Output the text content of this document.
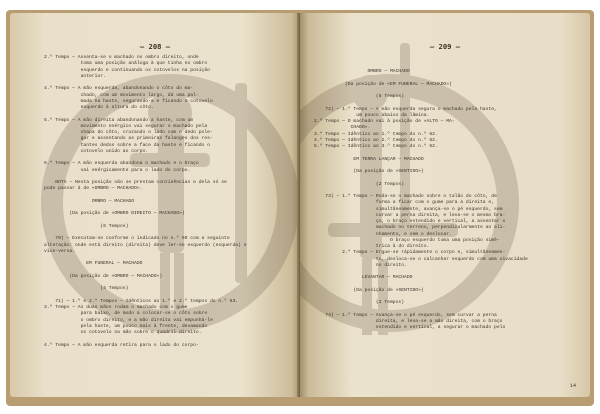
— 208 —
2.º Tempo — Assenta-se o machado no ombro direito, onde
toma uma posição análoga à que tinha no ombro
esquerdo e continuando os cotovelos na posição
anterior.

4.º Tempo — A mão esquerda, abandonando o côto do ma-
chado, com um movimento largo, dá uma pal-
mada na haste, segurando-a e ficando o cotovelo
esquerdo à altura do côto.

5.º Tempo — A mão direita abandonando a haste, com um
movimento enérgico vai segurar o machado pela
chapa do côto, cruzando o lado com o dedo pole-
gar e assentando as primeiras falanges dos res-
tantes dedos sobre a face da haste e ficando o
cotovelo unido ao corpo.

6.º Tempo — A mão esquerda abandona o machado e o braço
vai enérgicamente para o lado do corpo.

NOTA — Nesta posição não se prestam continências e dela só se
pode passar à de «OMBRO — MACHADO».

OMBRO — MACHADO

(Da posição de «OMBRO DIREITO — MACHADO»)

(6 Tempos)

70) — Executam-se conforme o indicado no n.º 69 com a seguinte
alteração: onde está direito (direita) deve ler-se esquerdo (esquerda) e
vice-versa.

EM FUNERAL — MACHADO

(Da posição de «OMBRO — MACHADO»)

(4 Tempos)

71) — 1.º e 2.º Tempos — Idênticos ao 1.º e 2.º tempos do n.º 63.
3.º Tempo — As duas mãos rodam o machado com o gume
para baixo, de modo a colocar-se o côto sobre
o ombro direito, e a mão direita vai empunhá-le
pela haste, um pouco mais à frente, desamando
os cotovelo na mão sobre o quadril direito.

4.º Tempo — A mão esquerda retira para o lado do corpo-
— 209 —
OMBRO — MACHADO

(Da posição de «EM FUNERAL — MACHADO»)

(5 Tempos)

72) — 1.º Tempo — A mão esquerda segura o machado pela haste,
um pouco abaixo da lâmina.
2.º Tempo — O machado vai à posição de «ALTO — MA-
CHADO».
3.º Tempo — Idêntico ao 1.º tempo do n.º 62.
4.º Tempo — Idêntico ao 2.º tempo do n.º 62.
5.º Tempo — Idêntico ao 3.º tempo do n.º 62.

EM TERRA LANÇAR — MACHADO

(Da posição de «SENTIDO»)

(2 Tempos)

73) — 1.º Tempo — Roda-se o machado sobre o talão do côto, de
forma a ficar com o gume para a direita e,
simultâneamente, avança-se o pé esquerdo, sem
curvar a perna direita, e leva-se o mesmo bra-
ço, o braço estendido e vertical, a assentar o
machado no terreno, perpendicularmente ao ali-
nhamento, e sem o deslocar.
O braço esquerdo toma uma posição simé-
trica à do direito.
2.º Tempo — Ergue-se rápidamente o corpo e, simultâneamen-
te, desloca-se o calcanhar esquerdo com uma vivacidade
no direito.

LEVANTAR — MACHADO

(Da posição de «SENTIDO»)

(2 Tempos)

74) — 1.º Tempo — Avança-se o pé esquerdo, sem curvar a perna
direita, e leva-se a mão direita, com o braço
estendido e vertical, a segurar o machado pelo
14
